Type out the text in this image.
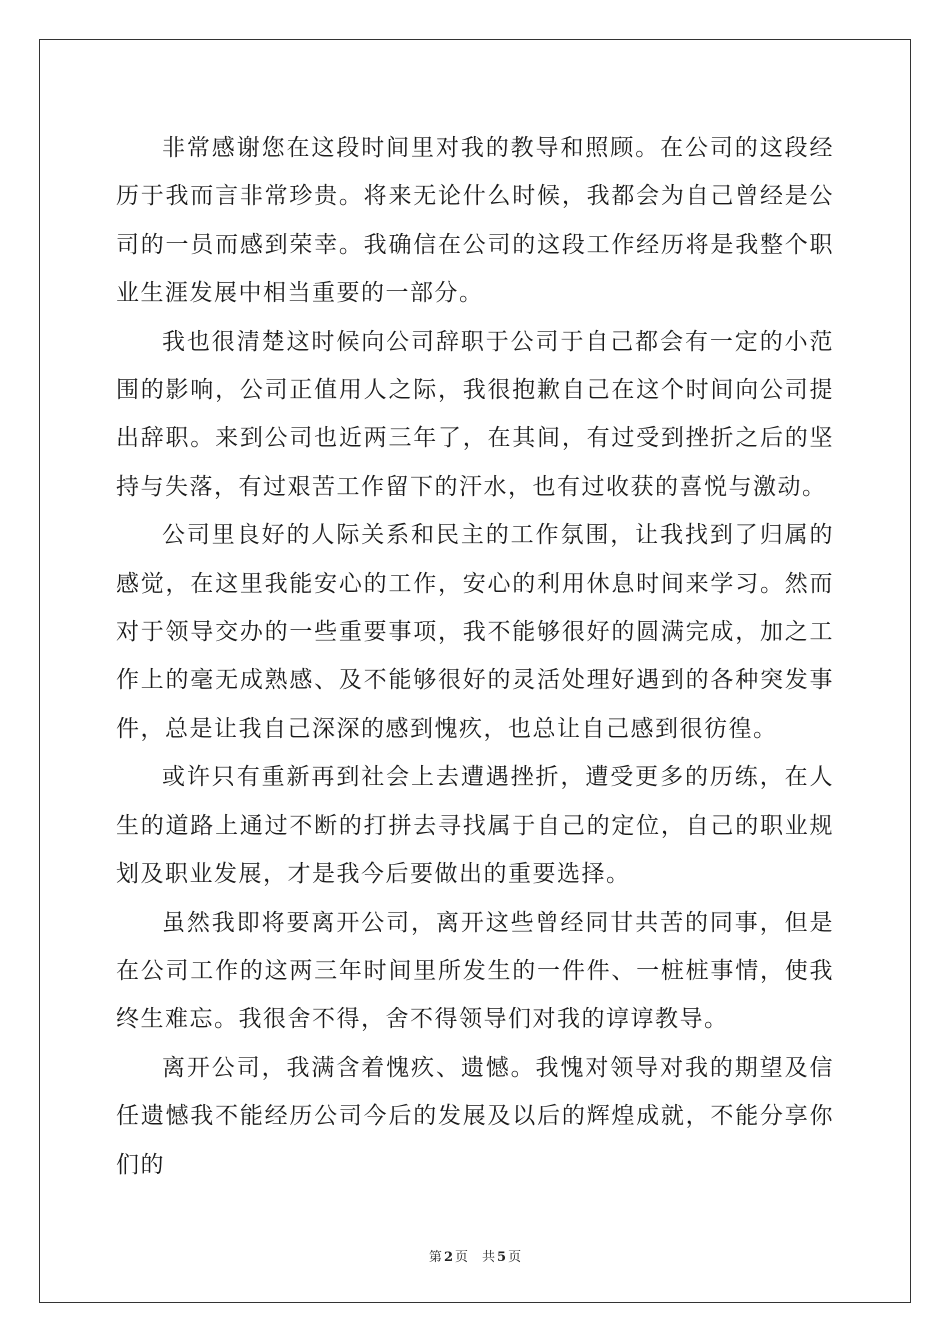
非常感谢您在这段时间里对我的教导和照顾。在公司的这段经历于我而言非常珍贵。将来无论什么时候，我都会为自己曾经是公司的一员而感到荣幸。我确信在公司的这段工作经历将是我整个职业生涯发展中相当重要的一部分。

我也很清楚这时候向公司辞职于公司于自己都会有一定的小范围的影响，公司正值用人之际，我很抱歉自己在这个时间向公司提出辞职。来到公司也近两三年了，在其间，有过受到挫折之后的坚持与失落，有过艰苦工作留下的汗水，也有过收获的喜悦与激动。

公司里良好的人际关系和民主的工作氛围，让我找到了归属的感觉，在这里我能安心的工作，安心的利用休息时间来学习。然而对于领导交办的一些重要事项，我不能够很好的圆满完成，加之工作上的毫无成熟感、及不能够很好的灵活处理好遇到的各种突发事件，总是让我自己深深的感到愧疚，也总让自己感到很彷徨。

或许只有重新再到社会上去遭遇挫折，遭受更多的历练，在人生的道路上通过不断的打拼去寻找属于自己的定位，自己的职业规划及职业发展，才是我今后要做出的重要选择。

虽然我即将要离开公司，离开这些曾经同甘共苦的同事，但是在公司工作的这两三年时间里所发生的一件件、一桩桩事情，使我终生难忘。我很舍不得，舍不得领导们对我的谆谆教导。

离开公司，我满含着愧疚、遗憾。我愧对领导对我的期望及信任遗憾我不能经历公司今后的发展及以后的辉煌成就，不能分享你们的

第 2 页 共 5 页
